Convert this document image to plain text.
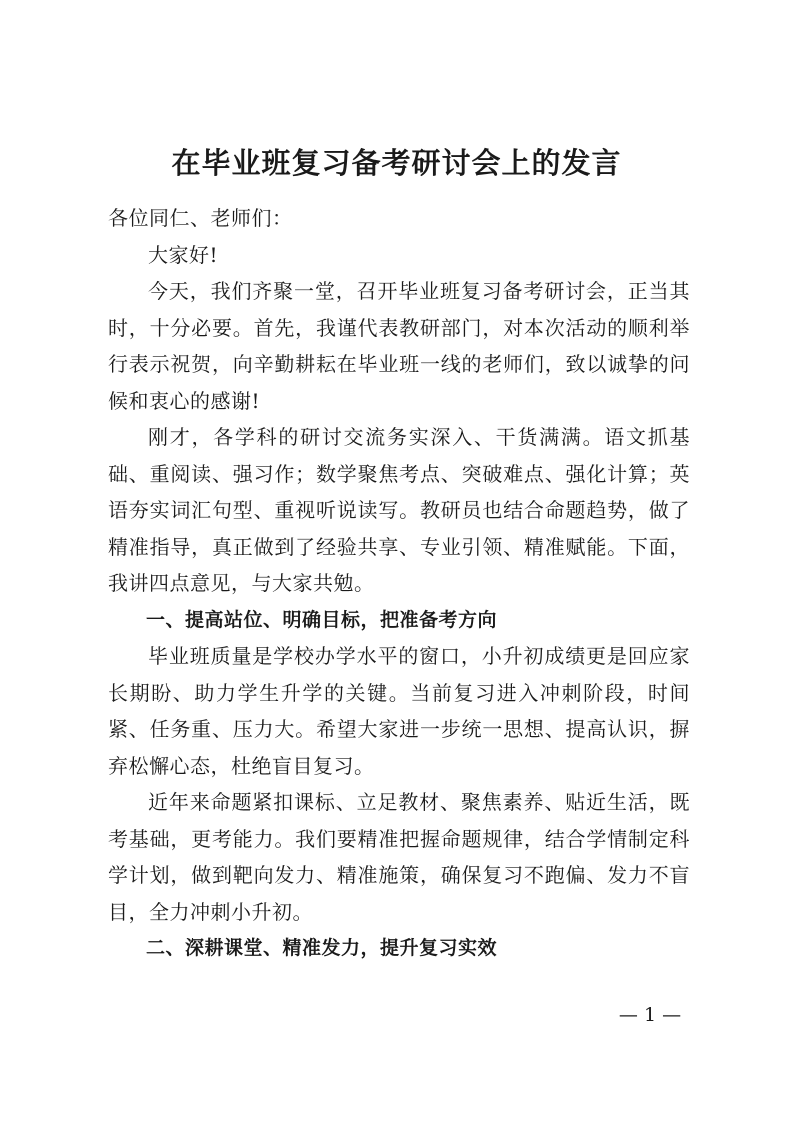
在毕业班复习备考研讨会上的发言

各位同仁、老师们：

大家好!

今天，我们齐聚一堂，召开毕业班复习备考研讨会，正当其时，十分必要。首先，我谨代表教研部门，对本次活动的顺利举行表示祝贺，向辛勤耕耘在毕业班一线的老师们，致以诚挚的问候和衷心的感谢!

刚才，各学科的研讨交流务实深入、干货满满。语文抓基础、重阅读、强习作；数学聚焦考点、突破难点、强化计算；英语夯实词汇句型、重视听说读写。教研员也结合命题趋势，做了精准指导，真正做到了经验共享、专业引领、精准赋能。下面，我讲四点意见，与大家共勉。

一、提高站位、明确目标，把准备考方向

毕业班质量是学校办学水平的窗口，小升初成绩更是回应家长期盼、助力学生升学的关键。当前复习进入冲刺阶段，时间紧、任务重、压力大。希望大家进一步统一思想、提高认识，摒弃松懈心态，杜绝盲目复习。

近年来命题紧扣课标、立足教材、聚焦素养、贴近生活，既考基础，更考能力。我们要精准把握命题规律，结合学情制定科学计划，做到靶向发力、精准施策，确保复习不跑偏、发力不盲目，全力冲刺小升初。

二、深耕课堂、精准发力，提升复习实效

— 1 —
